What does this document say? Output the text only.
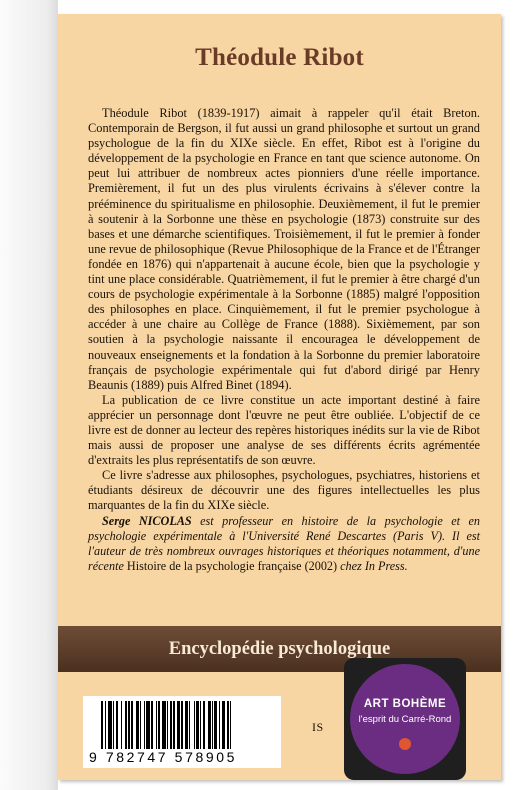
Théodule Ribot

Théodule Ribot (1839-1917) aimait à rappeler qu'il était Breton. Contemporain de Bergson, il fut aussi un grand philosophe et surtout un grand psychologue de la fin du XIXe siècle. En effet, Ribot est à l'origine du développement de la psychologie en France en tant que science autonome. On peut lui attribuer de nombreux actes pionniers d'une réelle importance. Premièrement, il fut un des plus virulents écrivains à s'élever contre la prééminence du spiritualisme en philosophie. Deuxièmement, il fut le premier à soutenir à la Sorbonne une thèse en psychologie (1873) construite sur des bases et une démarche scientifiques. Troisièmement, il fut le premier à fonder une revue de philosophique (Revue Philosophique de la France et de l'Étranger fondée en 1876) qui n'appartenait à aucune école, bien que la psychologie y tint une place considérable. Quatrièmement, il fut le premier à être chargé d'un cours de psychologie expérimentale à la Sorbonne (1885) malgré l'opposition des philosophes en place. Cinquièmement, il fut le premier psychologue à accéder à une chaire au Collège de France (1888). Sixièmement, par son soutien à la psychologie naissante il encouragea le développement de nouveaux enseignements et la fondation à la Sorbonne du premier laboratoire français de psychologie expérimentale qui fut d'abord dirigé par Henry Beaunis (1889) puis Alfred Binet (1894).

La publication de ce livre constitue un acte important destiné à faire apprécier un personnage dont l'œuvre ne peut être oubliée. L'objectif de ce livre est de donner au lecteur des repères historiques inédits sur la vie de Ribot mais aussi de proposer une analyse de ses différents écrits agrémentée d'extraits les plus représentatifs de son œuvre.

Ce livre s'adresse aux philosophes, psychologues, psychiatres, historiens et étudiants désireux de découvrir une des figures intellectuelles les plus marquantes de la fin du XIXe siècle.

Serge NICOLAS est professeur en histoire de la psychologie et en psychologie expérimentale à l'Université René Descartes (Paris V). Il est l'auteur de très nombreux ouvrages historiques et théoriques notamment, d'une récente Histoire de la psychologie française (2002) chez In Press.
Encyclopédie psychologique
9 782747 578905
IS
ART BOHÈME
l'esprit du Carré-Rond
